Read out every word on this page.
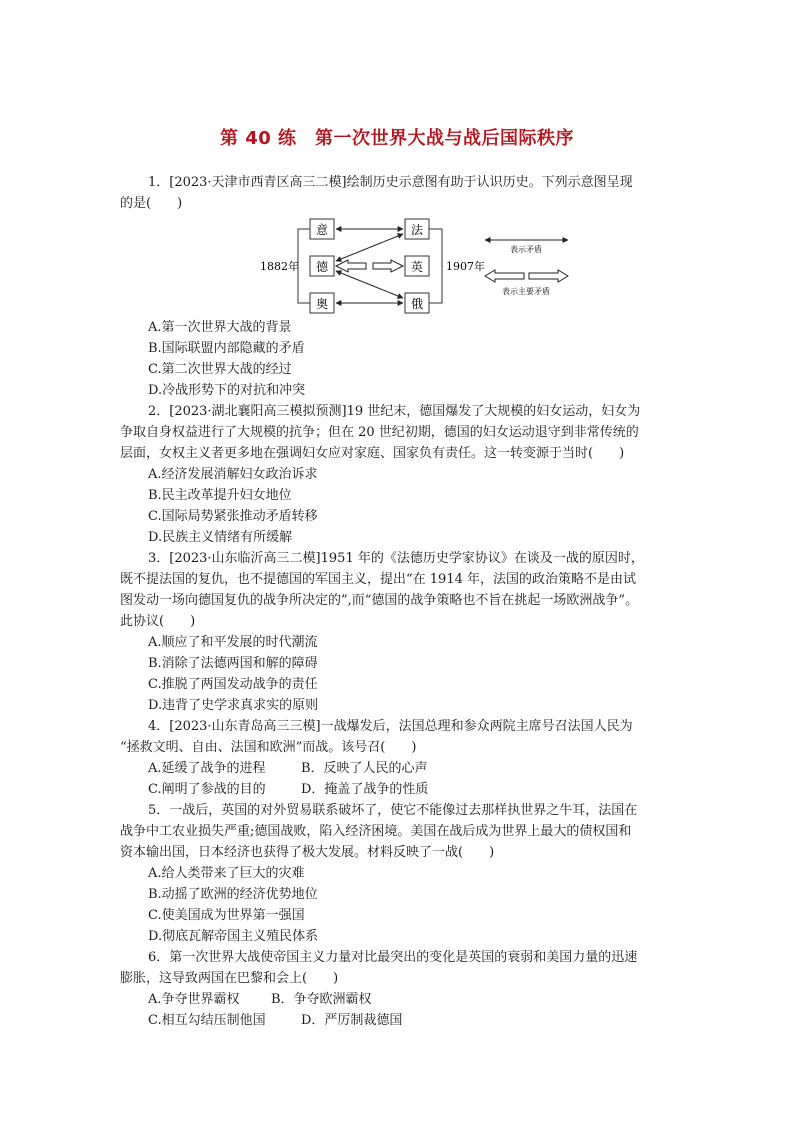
第 40 练　第一次世界大战与战后国际秩序
1．[2023·天津市西青区高三二模]绘制历史示意图有助于认识历史。下列示意图呈现
的是(　　)
意
德
奥
法
英
俄
1882年	1907年
表示矛盾
表示主要矛盾
A.第一次世界大战的背景
B.国际联盟内部隐藏的矛盾
C.第二次世界大战的经过
D.冷战形势下的对抗和冲突
2．[2023·湖北襄阳高三模拟预测]19 世纪末，德国爆发了大规模的妇女运动，妇女为
争取自身权益进行了大规模的抗争；但在 20 世纪初期，德国的妇女运动退守到非常传统的
层面，女权主义者更多地在强调妇女应对家庭、国家负有责任。这一转变源于当时(　　)
A.经济发展消解妇女政治诉求
B.民主改革提升妇女地位
C.国际局势紧张推动矛盾转移
D.民族主义情绪有所缓解
3．[2023·山东临沂高三二模]1951 年的《法德历史学家协议》在谈及一战的原因时，
既不提法国的复仇，也不提德国的军国主义，提出“在 1914 年，法国的政治策略不是由试
图发动一场向德国复仇的战争所决定的”,而“德国的战争策略也不旨在挑起一场欧洲战争”。
此协议(　　)
A.顺应了和平发展的时代潮流
B.消除了法德两国和解的障碍
C.推脱了两国发动战争的责任
D.违背了史学求真求实的原则
4．[2023·山东青岛高三三模]一战爆发后，法国总理和参众两院主席号召法国人民为
“拯救文明、自由、法国和欧洲”而战。该号召(　　)
A.延缓了战争的进程	B．反映了人民的心声
C.阐明了参战的目的	D．掩盖了战争的性质
5．一战后，英国的对外贸易联系破坏了，使它不能像过去那样执世界之牛耳，法国在
战争中工农业损失严重;德国战败，陷入经济困境。美国在战后成为世界上最大的债权国和
资本输出国，日本经济也获得了极大发展。材料反映了一战(　　)
A.给人类带来了巨大的灾难
B.动摇了欧洲的经济优势地位
C.使美国成为世界第一强国
D.彻底瓦解帝国主义殖民体系
6．第一次世界大战使帝国主义力量对比最突出的变化是英国的衰弱和美国力量的迅速
膨胀，这导致两国在巴黎和会上(　　)
A.争夺世界霸权 B．争夺欧洲霸权
C.相互勾结压制他国	D．严厉制裁德国
